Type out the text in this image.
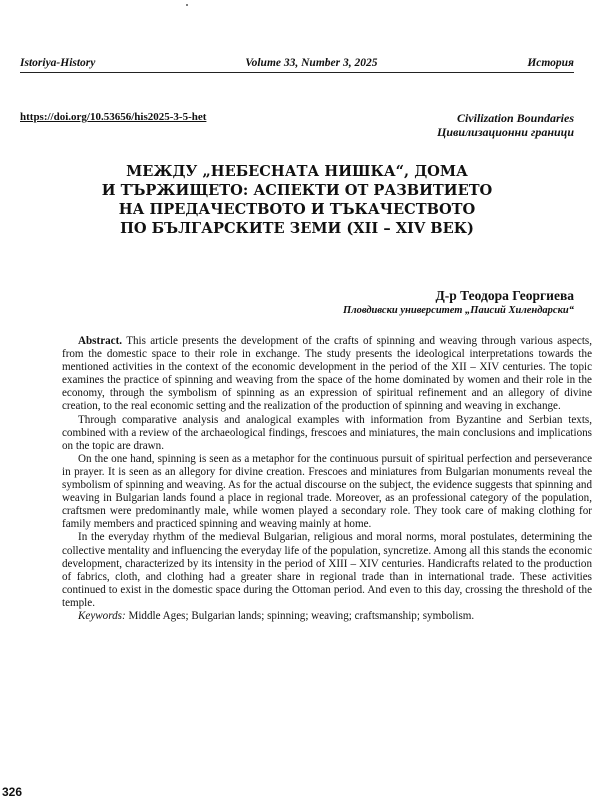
Istoriya-History	Volume 33, Number 3, 2025	История
https://doi.org/10.53656/his2025-3-5-het	Civilization Boundaries
Цивилизационни граници
МЕЖДУ „НЕБЕСНАТА НИШКА“, ДОМА
И ТЪРЖИЩЕТО: АСПЕКТИ ОТ РАЗВИТИЕТО
НА ПРЕДАЧЕСТВОТО И ТЪКАЧЕСТВОТО
ПО БЪЛГАРСКИТЕ ЗЕМИ (XII – XIV ВЕК)
Д-р Теодора Георгиева
Пловдивски университет „Паисий Хилендарски“

Abstract. This article presents the development of the crafts of spinning and weaving through various aspects, from the domestic space to their role in exchange. The study presents the ideological interpretations towards the mentioned activities in the context of the economic development in the period of the XII – XIV centuries. The topic examines the practice of spinning and weaving from the space of the home dominated by women and their role in the economy, through the symbolism of spinning as an expression of spiritual refinement and an allegory of divine creation, to the real economic setting and the realization of the production of spinning and weaving in exchange.

Through comparative analysis and analogical examples with information from Byzantine and Serbian texts, combined with a review of the archaeological findings, frescoes and miniatures, the main conclusions and implications on the topic are drawn.

On the one hand, spinning is seen as a metaphor for the continuous pursuit of spiritual perfection and perseverance in prayer. It is seen as an allegory for divine creation. Frescoes and miniatures from Bulgarian monuments reveal the symbolism of spinning and weaving. As for the actual discourse on the subject, the evidence suggests that spinning and weaving in Bulgarian lands found a place in regional trade. Moreover, as an professional category of the population, craftsmen were predominantly male, while women played a secondary role. They took care of making clothing for family members and practiced spinning and weaving mainly at home.

In the everyday rhythm of the medieval Bulgarian, religious and moral norms, moral postulates, determining the collective mentality and influencing the everyday life of the population, syncretize. Among all this stands the economic development, characterized by its intensity in the period of XIII – XIV centuries. Handicrafts related to the production of fabrics, cloth, and clothing had a greater share in regional trade than in international trade. These activities continued to exist in the domestic space during the Ottoman period. And even to this day, crossing the threshold of the temple.

Keywords: Middle Ages; Bulgarian lands; spinning; weaving; craftsmanship; symbolism.

326
